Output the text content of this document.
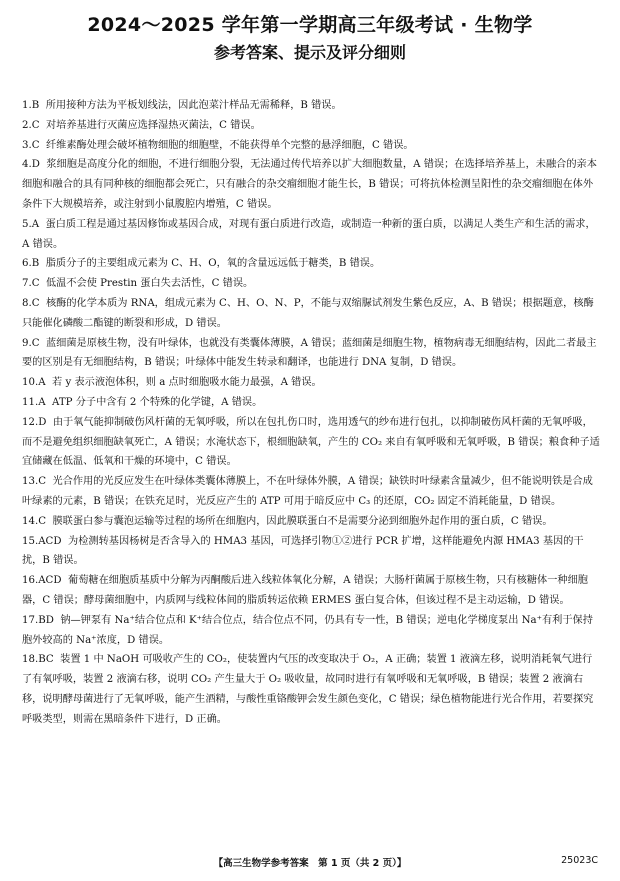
2024～2025 学年第一学期高三年级考试 · 生物学
参考答案、提示及评分细则

1.B 所用接种方法为平板划线法，因此泡菜汁样品无需稀释，B 错误。

2.C 对培养基进行灭菌应选择湿热灭菌法，C 错误。

3.C 纤维素酶处理会破坏植物细胞的细胞壁，不能获得单个完整的悬浮细胞，C 错误。

4.D 浆细胞是高度分化的细胞，不进行细胞分裂，无法通过传代培养以扩大细胞数量，A 错误；在选择培养基上，未融合的亲本细胞和融合的具有同种核的细胞都会死亡，只有融合的杂交瘤细胞才能生长，B 错误；可将抗体检测呈阳性的杂交瘤细胞在体外条件下大规模培养，或注射到小鼠腹腔内增殖，C 错误。

5.A 蛋白质工程是通过基因修饰或基因合成，对现有蛋白质进行改造，或制造一种新的蛋白质，以满足人类生产和生活的需求，A 错误。

6.B 脂质分子的主要组成元素为 C、H、O，氧的含量远远低于糖类，B 错误。

7.C 低温不会使 Prestin 蛋白失去活性，C 错误。

8.C 核酶的化学本质为 RNA，组成元素为 C、H、O、N、P，不能与双缩脲试剂发生紫色反应，A、B 错误；根据题意，核酶只能催化磷酸二酯键的断裂和形成，D 错误。

9.C 蓝细菌是原核生物，没有叶绿体，也就没有类囊体薄膜，A 错误；蓝细菌是细胞生物，植物病毒无细胞结构，因此二者最主要的区别是有无细胞结构，B 错误；叶绿体中能发生转录和翻译，也能进行 DNA 复制，D 错误。

10.A 若 y 表示液泡体积，则 a 点时细胞吸水能力最强，A 错误。

11.A ATP 分子中含有 2 个特殊的化学键，A 错误。

12.D 由于氧气能抑制破伤风杆菌的无氧呼吸，所以在包扎伤口时，选用透气的纱布进行包扎，以抑制破伤风杆菌的无氧呼吸，而不是避免组织细胞缺氧死亡，A 错误；水淹状态下，根细胞缺氧，产生的 CO₂ 来自有氧呼吸和无氧呼吸，B 错误；粮食种子适宜储藏在低温、低氧和干燥的环境中，C 错误。

13.C 光合作用的光反应发生在叶绿体类囊体薄膜上，不在叶绿体外膜，A 错误；缺铁时叶绿素含量减少，但不能说明铁是合成叶绿素的元素，B 错误；在铁充足时，光反应产生的 ATP 可用于暗反应中 C₃ 的还原，CO₂ 固定不消耗能量，D 错误。

14.C 膜联蛋白参与囊泡运输等过程的场所在细胞内，因此膜联蛋白不是需要分泌到细胞外起作用的蛋白质，C 错误。

15.ACD 为检测转基因杨树是否含导入的 HMA3 基因，可选择引物①②进行 PCR 扩增，这样能避免内源 HMA3 基因的干扰，B 错误。

16.ACD 葡萄糖在细胞质基质中分解为丙酮酸后进入线粒体氧化分解，A 错误；大肠杆菌属于原核生物，只有核糖体一种细胞器，C 错误；酵母菌细胞中，内质网与线粒体间的脂质转运依赖 ERMES 蛋白复合体，但该过程不是主动运输，D 错误。

17.BD 钠—钾泵有 Na⁺结合位点和 K⁺结合位点，结合位点不同，仍具有专一性，B 错误；逆电化学梯度泵出 Na⁺有利于保持胞外较高的 Na⁺浓度，D 错误。

18.BC 装置 1 中 NaOH 可吸收产生的 CO₂，使装置内气压的改变取决于 O₂，A 正确；装置 1 液滴左移，说明消耗氧气进行了有氧呼吸，装置 2 液滴右移，说明 CO₂ 产生量大于 O₂ 吸收量，故同时进行有氧呼吸和无氧呼吸，B 错误；装置 2 液滴右移，说明酵母菌进行了无氧呼吸，能产生酒精，与酸性重铬酸钾会发生颜色变化，C 错误；绿色植物能进行光合作用，若要探究呼吸类型，则需在黑暗条件下进行，D 正确。

【高三生物学参考答案　第 1 页（共 2 页）】	25023C
